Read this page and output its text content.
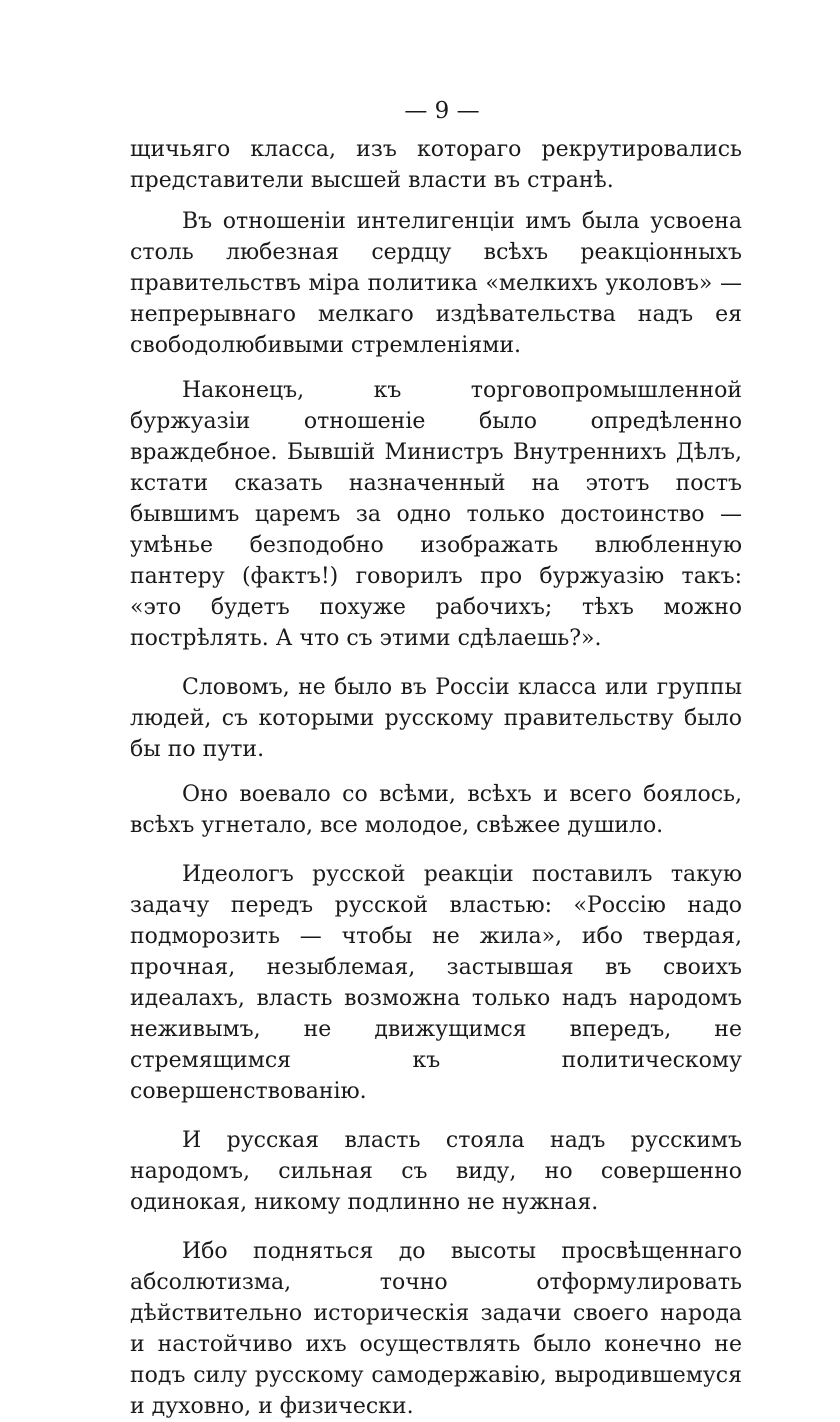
— 9 —

щичьяго класса, изъ котораго рекрутировались представители высшей власти въ странѣ.

Въ отношеніи интелигенціи имъ была усвоена столь любезная сердцу всѣхъ реакціонныхъ правительствъ міра политика «мелкихъ уколовъ» — непрерывнаго мелкаго издѣвательства надъ ея свободолюбивыми стремленіями.

Наконецъ, къ торговопромышленной буржуазіи отношеніе было опредѣленно враждебное. Бывшій Министръ Внутреннихъ Дѣлъ, кстати сказать назначенный на этотъ постъ бывшимъ царемъ за одно только достоинство — умѣнье безподобно изображать влюбленную пантеру (фактъ!) говорилъ про буржуазію такъ: «это будетъ похуже рабочихъ; тѣхъ можно пострѣлять. А что съ этими сдѣлаешь?».

Словомъ, не было въ Россіи класса или группы людей, съ которыми русскому правительству было бы по пути.

Оно воевало со всѣми, всѣхъ и всего боялось, всѣхъ угнетало, все молодое, свѣжее душило.

Идеологъ русской реакціи поставилъ такую задачу передъ русской властью: «Россію надо подморозить — чтобы не жила», ибо твердая, прочная, незыблемая, застывшая въ своихъ идеалахъ, власть возможна только надъ народомъ неживымъ, не движущимся впередъ, не стремящимся къ политическому совершенствованію.

И русская власть стояла надъ русскимъ народомъ, сильная съ виду, но совершенно одинокая, никому подлинно не нужная.

Ибо подняться до высоты просвѣщеннаго абсолютизма, точно отформулировать дѣйствительно историческія задачи своего народа и настойчиво ихъ осуществлять было конечно не подъ силу русскому самодержавію, выродившемуся и духовно, и физически.
